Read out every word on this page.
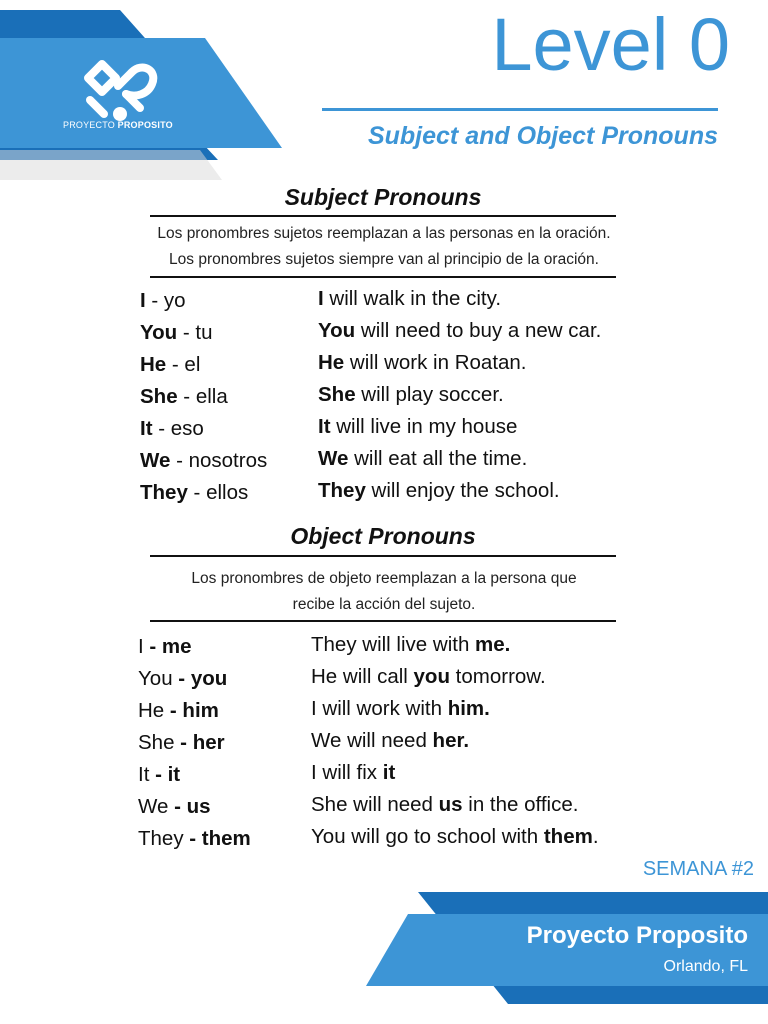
PROYECTO PROPOSITO
Level 0
Subject and Object Pronouns
Subject Pronouns
Los pronombres sujetos reemplazan a las personas en la oración.
Los pronombres sujetos siempre van al principio de la oración.
I - yo	I will walk in the city.
You - tu	You will need to buy a new car.
He - el	He will work in Roatan.
She - ella	She will play soccer.
It - eso	It will live in my house
We - nosotros We will eat all the time.
They - ellos	They will enjoy the school.
Object Pronouns
Los pronombres de objeto reemplazan a la persona que
recibe la acción del sujeto.
I - me	They will live with me.
You - you	He will call you tomorrow.
He - him	I will work with him.
She - her	We will need her.
It - it	I will fix it
We - us	She will need us in the office.
They - them	You will go to school with them.
SEMANA #2
Proyecto Proposito
Orlando, FL
